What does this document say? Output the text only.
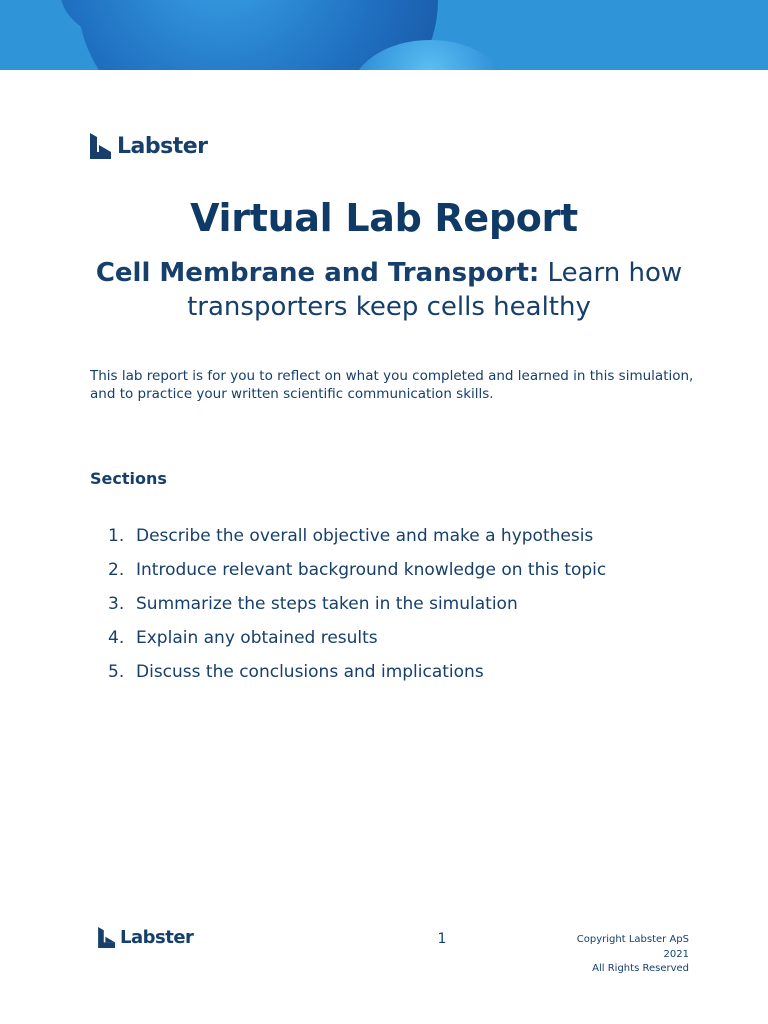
Labster
Virtual Lab Report

Cell Membrane and Transport: Learn how transporters keep cells healthy

This lab report is for you to reflect on what you completed and learned in this simulation, and to practice your written scientific communication skills.

Sections
1. Describe the overall objective and make a hypothesis
2. Introduce relevant background knowledge on this topic
3. Summarize the steps taken in the simulation
4. Explain any obtained results
5. Discuss the conclusions and implications
Labster	1	Copyright Labster ApS
2021
All Rights Reserved
